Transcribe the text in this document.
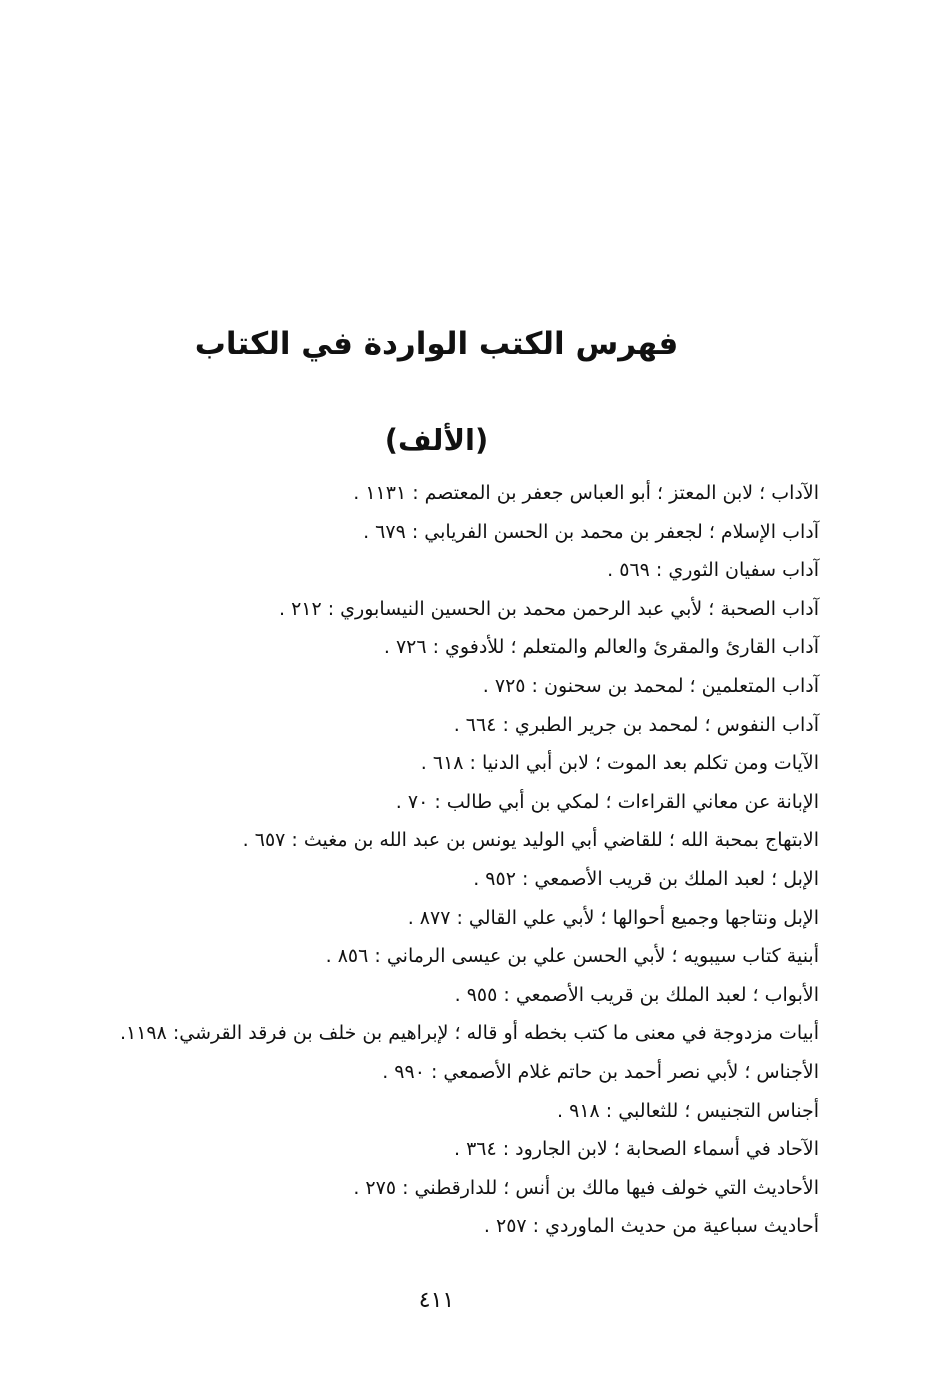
فهرس الكتب الواردة في الكتاب
(الألف)
الآداب ؛ لابن المعتز ؛ أبو العباس جعفر بن المعتصم : ١١٣١ .
آداب الإسلام ؛ لجعفر بن محمد بن الحسن الفريابي : ٦٧٩ .
آداب سفيان الثوري : ٥٦٩ .
آداب الصحبة ؛ لأبي عبد الرحمن محمد بن الحسين النيسابوري : ٢١٢ .
آداب القارئ والمقرئ والعالم والمتعلم ؛ للأدفوي : ٧٢٦ .
آداب المتعلمين ؛ لمحمد بن سحنون : ٧٢٥ .
آداب النفوس ؛ لمحمد بن جرير الطبري : ٦٦٤ .
الآيات ومن تكلم بعد الموت ؛ لابن أبي الدنيا : ٦١٨ .
الإبانة عن معاني القراءات ؛ لمكي بن أبي طالب : ٧٠ .
الابتهاج بمحبة الله ؛ للقاضي أبي الوليد يونس بن عبد الله بن مغيث : ٦٥٧ .
الإبل ؛ لعبد الملك بن قريب الأصمعي : ٩٥٢ .
الإبل ونتاجها وجميع أحوالها ؛ لأبي علي القالي : ٨٧٧ .
أبنية كتاب سيبويه ؛ لأبي الحسن علي بن عيسى الرماني : ٨٥٦ .
الأبواب ؛ لعبد الملك بن قريب الأصمعي : ٩٥٥ .
أبيات مزدوجة في معنى ما كتب بخطه أو قاله ؛ لإبراهيم بن خلف بن فرقد القرشي: ١١٩٨.
الأجناس ؛ لأبي نصر أحمد بن حاتم غلام الأصمعي : ٩٩٠ .
أجناس التجنيس ؛ للثعالبي : ٩١٨ .
الآحاد في أسماء الصحابة ؛ لابن الجارود : ٣٦٤ .
الأحاديث التي خولف فيها مالك بن أنس ؛ للدارقطني : ٢٧٥ .
أحاديث سباعية من حديث الماوردي : ٢٥٧ .
٤١١
